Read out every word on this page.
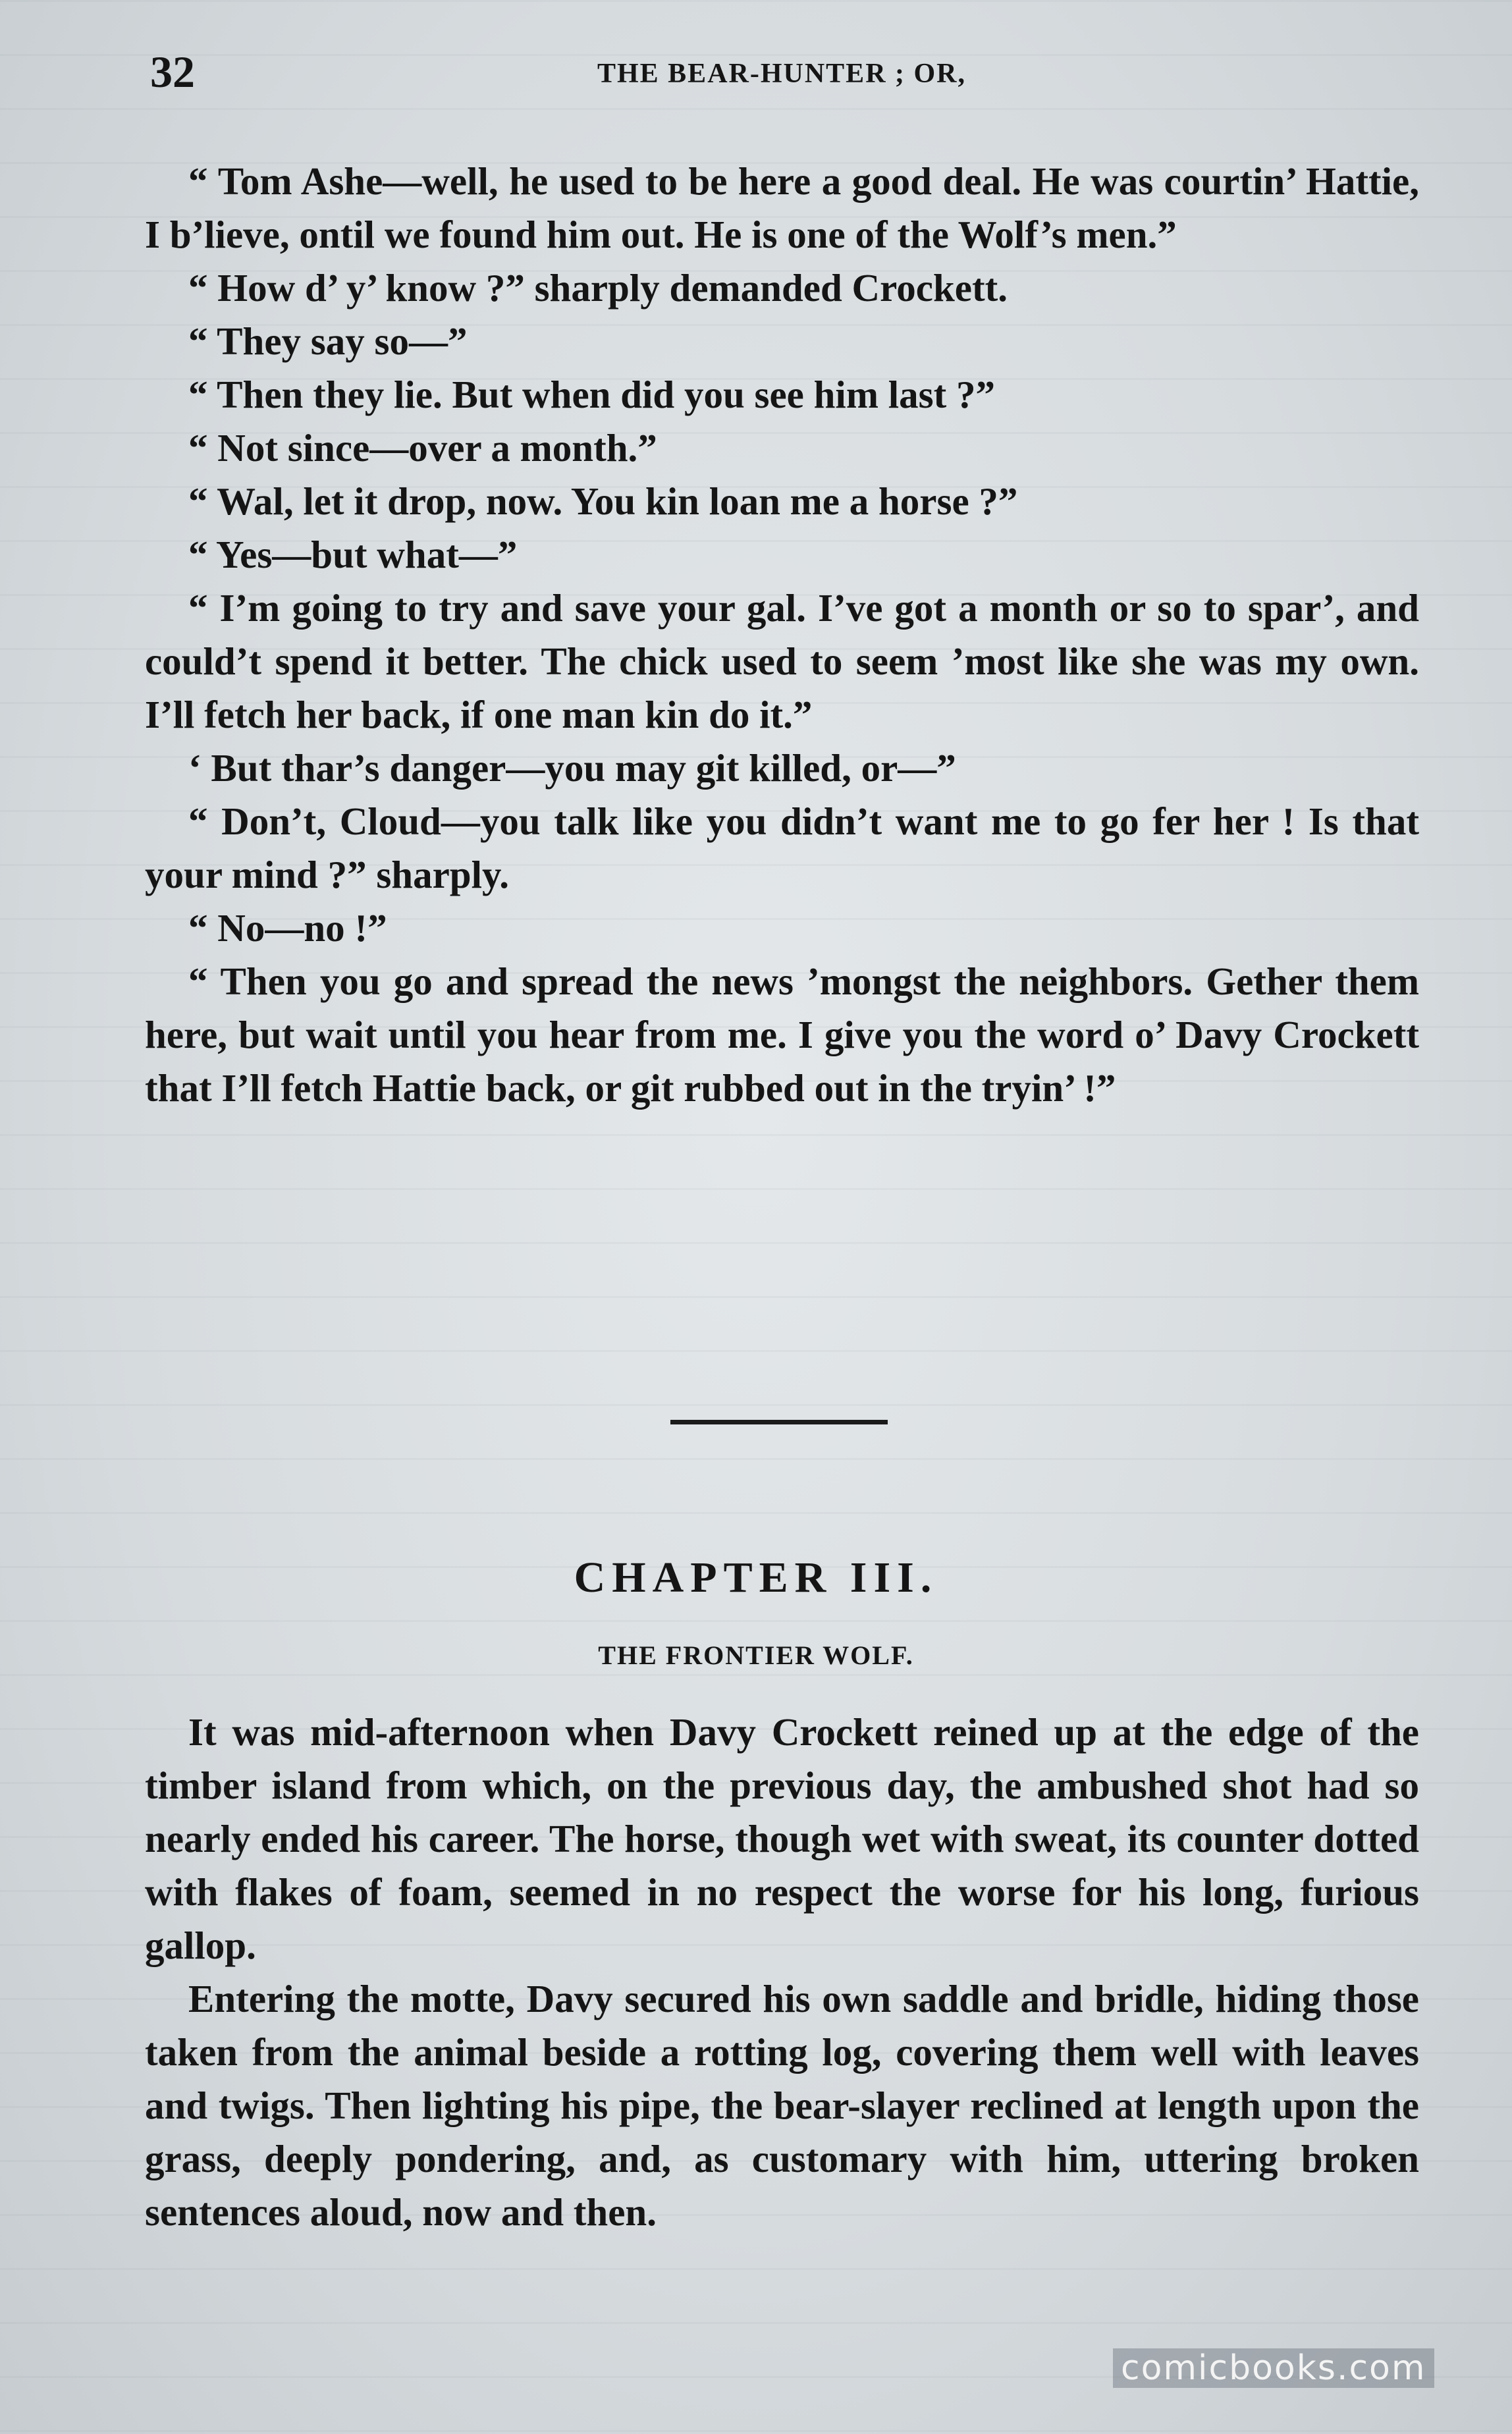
32	THE BEAR-HUNTER ; OR,

“ Tom Ashe—well, he used to be here a good deal. He was courtin’ Hattie, I b’lieve, ontil we found him out. He is one of the Wolf’s men.”

“ How d’ y’ know ?” sharply demanded Crockett.

“ They say so—”

“ Then they lie. But when did you see him last ?”

“ Not since—over a month.”

“ Wal, let it drop, now. You kin loan me a horse ?”

“ Yes—but what—”

“ I’m going to try and save your gal. I’ve got a month or so to spar’, and could’t spend it better. The chick used to seem ’most like she was my own. I’ll fetch her back, if one man kin do it.”

‘ But thar’s danger—you may git killed, or—”

“ Don’t, Cloud—you talk like you didn’t want me to go fer her ! Is that your mind ?” sharply.

“ No—no !”

“ Then you go and spread the news ’mongst the neighbors. Gether them here, but wait until you hear from me. I give you the word o’ Davy Crockett that I’ll fetch Hattie back, or git rubbed out in the tryin’ !”

CHAPTER III.
THE FRONTIER WOLF.

It was mid-afternoon when Davy Crockett reined up at the edge of the timber island from which, on the previous day, the ambushed shot had so nearly ended his career. The horse, though wet with sweat, its counter dotted with flakes of foam, seemed in no respect the worse for his long, furious gallop.

Entering the motte, Davy secured his own saddle and bridle, hiding those taken from the animal beside a rotting log, covering them well with leaves and twigs. Then lighting his pipe, the bear-slayer reclined at length upon the grass, deeply pondering, and, as customary with him, uttering broken sentences aloud, now and then.

comicbooks.com
